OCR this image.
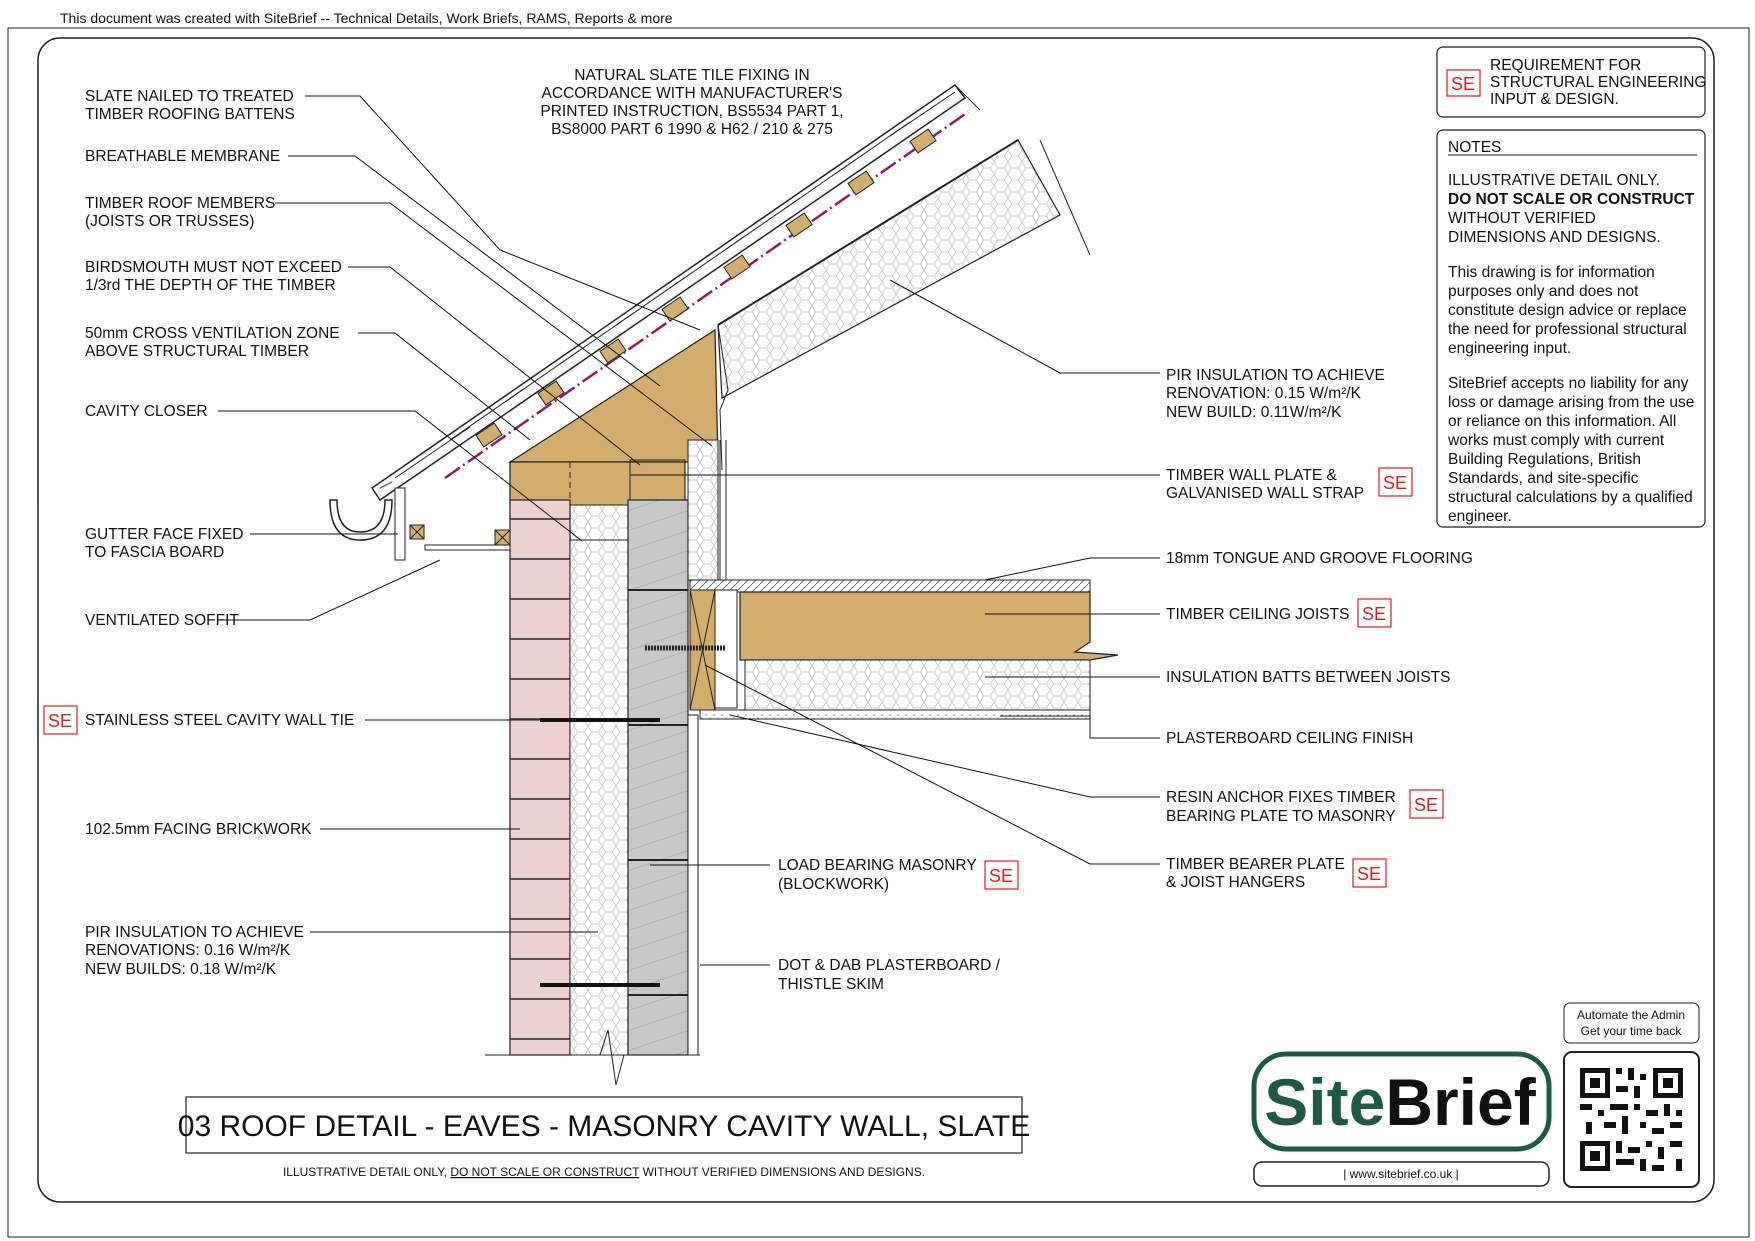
This document was created with SiteBrief -- Technical Details, Work Briefs, RAMS, Reports & more
SLATE NAILED TO TREATED TIMBER ROOFING BATTENS
BREATHABLE MEMBRANE
TIMBER ROOF MEMBERS (JOISTS OR TRUSSES)
BIRDSMOUTH MUST NOT EXCEED 1/3rd THE DEPTH OF THE TIMBER
50mm CROSS VENTILATION ZONE ABOVE STRUCTURAL TIMBER
CAVITY CLOSER
GUTTER FACE FIXED TO FASCIA BOARD
VENTILATED SOFFIT
STAINLESS STEEL CAVITY WALL TIE
102.5mm FACING BRICKWORK
PIR INSULATION TO ACHIEVE RENOVATIONS: 0.16 W/m²/K NEW BUILDS: 0.18 W/m²/K
NATURAL SLATE TILE FIXING IN ACCORDANCE WITH MANUFACTURER'S PRINTED INSTRUCTION, BS5534 PART 1, BS8000 PART 6 1990 & H62 / 210 & 275
PIR INSULATION TO ACHIEVE RENOVATION: 0.15 W/m²/K NEW BUILD: 0.11W/m²/K
TIMBER WALL PLATE & GALVANISED WALL STRAP
18mm TONGUE AND GROOVE FLOORING
TIMBER CEILING JOISTS
INSULATION BATTS BETWEEN JOISTS
PLASTERBOARD CEILING FINISH
RESIN ANCHOR FIXES TIMBER BEARING PLATE TO MASONRY
TIMBER BEARER PLATE & JOIST HANGERS
LOAD BEARING MASONRY (BLOCKWORK)
DOT & DAB PLASTERBOARD / THISTLE SKIM
SE
SE
SE
SE
SE
SE
SE
REQUIREMENT FOR STRUCTURAL ENGINEERING INPUT & DESIGN.
NOTES
ILLUSTRATIVE DETAIL ONLY. DO NOT SCALE OR CONSTRUCT WITHOUT VERIFIED DIMENSIONS AND DESIGNS.
This drawing is for information purposes only and does not constitute design advice or replace the need for professional structural engineering input.
SiteBrief accepts no liability for any loss or damage arising from the use or reliance on this information. All works must comply with current Building Regulations, British Standards, and site-specific structural calculations by a qualified engineer.
03 ROOF DETAIL - EAVES - MASONRY CAVITY WALL, SLATE
ILLUSTRATIVE DETAIL ONLY, DO NOT SCALE OR CONSTRUCT WITHOUT VERIFIED DIMENSIONS AND DESIGNS.
SiteBrief
| www.sitebrief.co.uk |
Automate the Admin Get your time back
